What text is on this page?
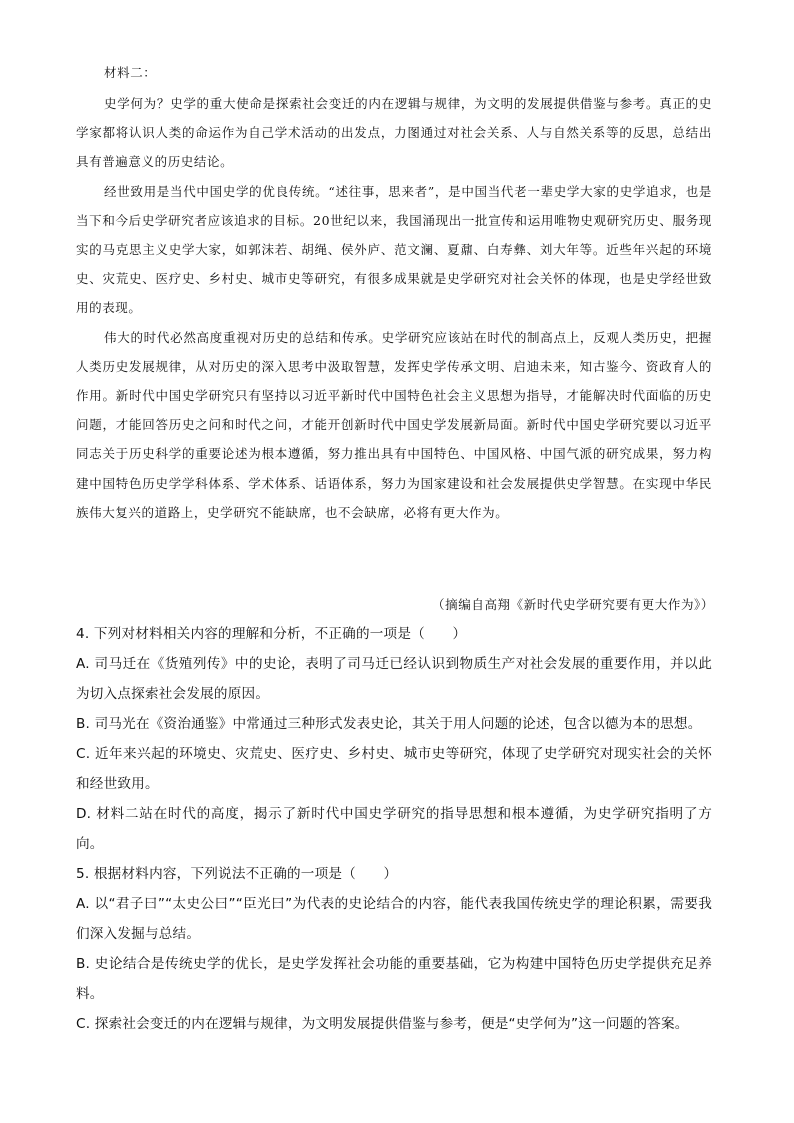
材料二：

史学何为？史学的重大使命是探索社会变迁的内在逻辑与规律，为文明的发展提供借鉴与参考。真正的史学家都将认识人类的命运作为自己学术活动的出发点，力图通过对社会关系、人与自然关系等的反思，总结出具有普遍意义的历史结论。

经世致用是当代中国史学的优良传统。“述往事，思来者”，是中国当代老一辈史学大家的史学追求，也是当下和今后史学研究者应该追求的目标。20世纪以来，我国涌现出一批宣传和运用唯物史观研究历史、服务现实的马克思主义史学大家，如郭沫若、胡绳、侯外庐、范文澜、夏鼐、白寿彝、刘大年等。近些年兴起的环境史、灾荒史、医疗史、乡村史、城市史等研究，有很多成果就是史学研究对社会关怀的体现，也是史学经世致用的表现。

伟大的时代必然高度重视对历史的总结和传承。史学研究应该站在时代的制高点上，反观人类历史，把握人类历史发展规律，从对历史的深入思考中汲取智慧，发挥史学传承文明、启迪未来，知古鉴今、资政育人的作用。新时代中国史学研究只有坚持以习近平新时代中国特色社会主义思想为指导，才能解决时代面临的历史问题，才能回答历史之问和时代之问，才能开创新时代中国史学发展新局面。新时代中国史学研究要以习近平同志关于历史科学的重要论述为根本遵循，努力推出具有中国特色、中国风格、中国气派的研究成果，努力构建中国特色历史学学科体系、学术体系、话语体系，努力为国家建设和社会发展提供史学智慧。在实现中华民族伟大复兴的道路上，史学研究不能缺席，也不会缺席，必将有更大作为。

（摘编自高翔《新时代史学研究要有更大作为》）

4. 下列对材料相关内容的理解和分析，不正确的一项是（　　）

A. 司马迁在《货殖列传》中的史论，表明了司马迁已经认识到物质生产对社会发展的重要作用，并以此为切入点探索社会发展的原因。

B. 司马光在《资治通鉴》中常通过三种形式发表史论，其关于用人问题的论述，包含以德为本的思想。

C. 近年来兴起的环境史、灾荒史、医疗史、乡村史、城市史等研究，体现了史学研究对现实社会的关怀和经世致用。

D. 材料二站在时代的高度，揭示了新时代中国史学研究的指导思想和根本遵循，为史学研究指明了方向。

5. 根据材料内容，下列说法不正确的一项是（　　）

A. 以“君子曰”“太史公曰”“臣光曰”为代表的史论结合的内容，能代表我国传统史学的理论积累，需要我们深入发掘与总结。

B. 史论结合是传统史学的优长，是史学发挥社会功能的重要基础，它为构建中国特色历史学提供充足养料。

C. 探索社会变迁的内在逻辑与规律，为文明发展提供借鉴与参考，便是“史学何为”这一问题的答案。
